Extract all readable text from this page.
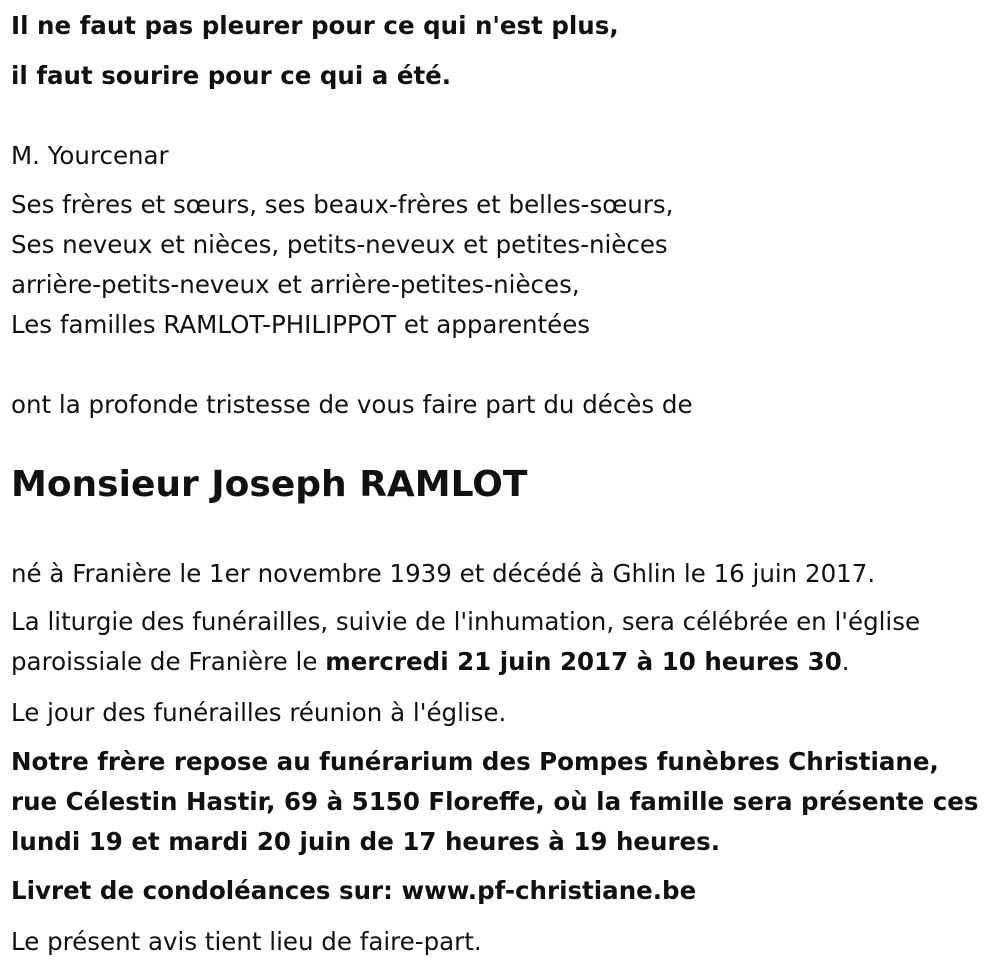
Il ne faut pas pleurer pour ce qui n'est plus,

il faut sourire pour ce qui a été.

M. Yourcenar

Ses frères et sœurs, ses beaux-frères et belles-sœurs,

Ses neveux et nièces, petits-neveux et petites-nièces

arrière-petits-neveux et arrière-petites-nièces,

Les familles RAMLOT-PHILIPPOT et apparentées

ont la profonde tristesse de vous faire part du décès de

Monsieur Joseph RAMLOT

né à Franière le 1er novembre 1939 et décédé à Ghlin le 16 juin 2017.

La liturgie des funérailles, suivie de l'inhumation, sera célébrée en l'église

paroissiale de Franière le mercredi 21 juin 2017 à 10 heures 30.

Le jour des funérailles réunion à l'église.

Notre frère repose au funérarium des Pompes funèbres Christiane,

rue Célestin Hastir, 69 à 5150 Floreffe, où la famille sera présente ces

lundi 19 et mardi 20 juin de 17 heures à 19 heures.

Livret de condoléances sur: www.pf-christiane.be

Le présent avis tient lieu de faire-part.
